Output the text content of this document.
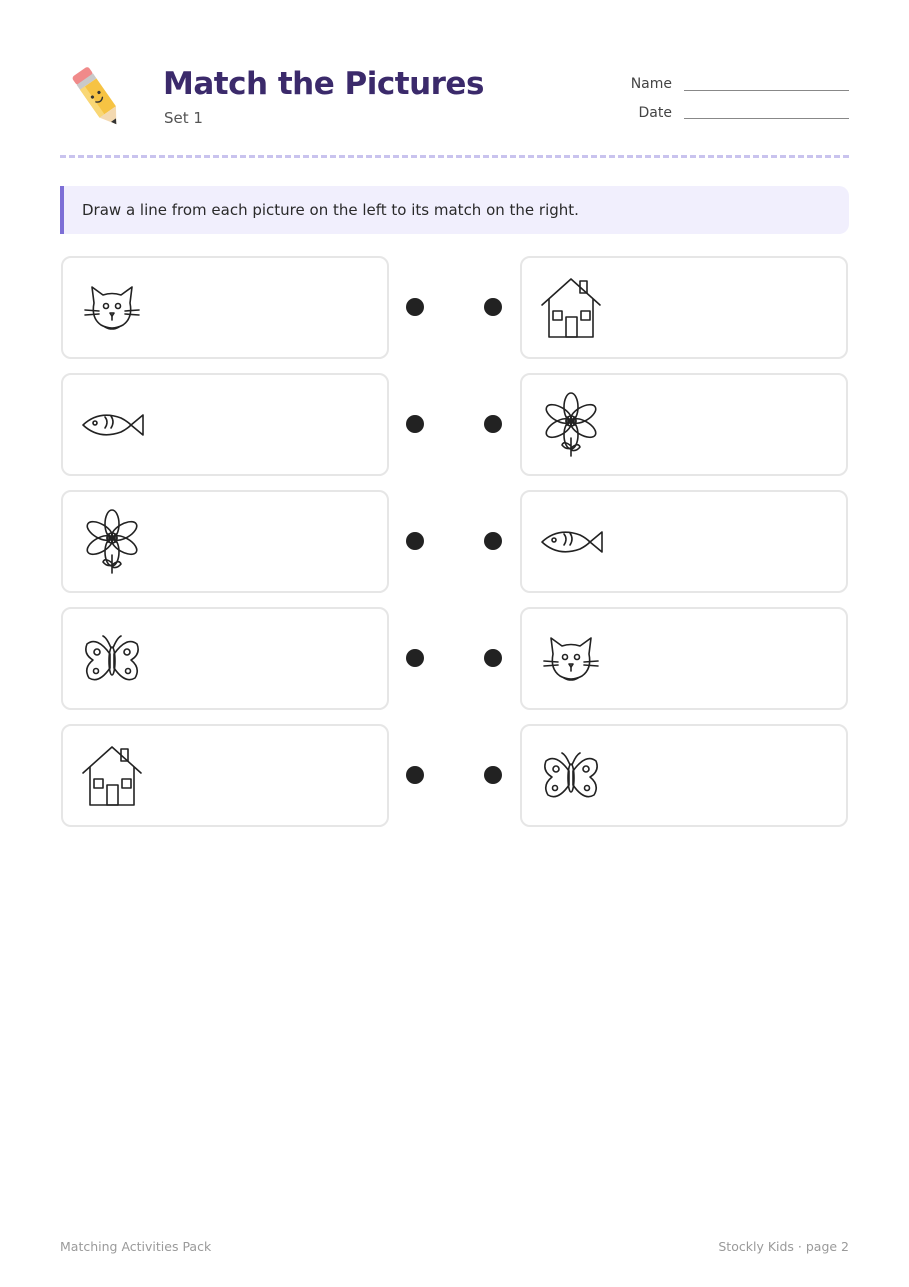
Match the Pictures
Set 1
Name
Date
Draw a line from each picture on the left to its match on the right.
Matching Activities Pack	Stockly Kids · page 2
